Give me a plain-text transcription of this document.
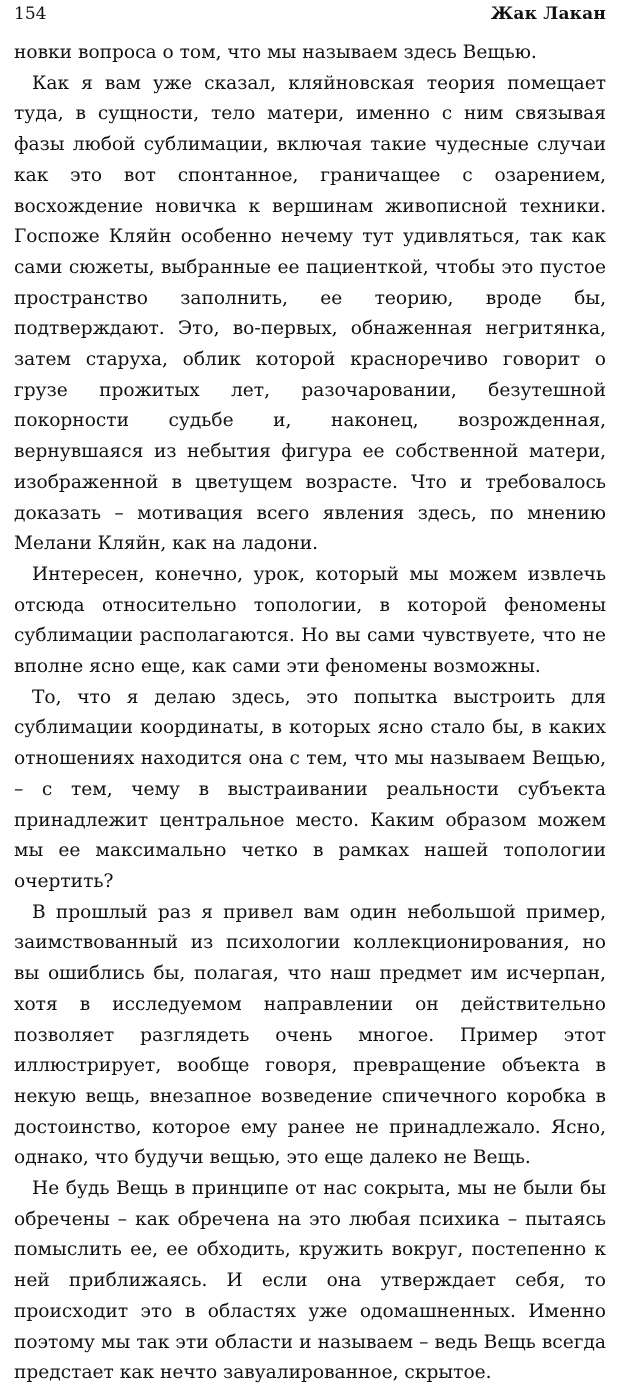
154	Жак Лакан

новки вопроса о том, что мы называем здесь Вещью.

Как я вам уже сказал, кляйновская теория помещает туда, в сущности, тело матери, именно с ним связывая фазы любой сублимации, включая такие чудесные случаи как это вот спонтанное, граничащее с озарением, восхождение новичка к вершинам живописной техники. Госпоже Кляйн особенно нечему тут удивляться, так как сами сюжеты, выбранные ее пациенткой, чтобы это пустое пространство заполнить, ее теорию, вроде бы, подтверждают. Это, во-первых, обнаженная негритянка, затем старуха, облик которой красноречиво говорит о грузе прожитых лет, разочаровании, безутешной покорности судьбе и, наконец, возрожденная, вернувшаяся из небытия фигура ее собственной матери, изображенной в цветущем возрасте. Что и требовалось доказать – мотивация всего явления здесь, по мнению Мелани Кляйн, как на ладони.

Интересен, конечно, урок, который мы можем извлечь отсюда относительно топологии, в которой феномены сублимации располагаются. Но вы сами чувствуете, что не вполне ясно еще, как сами эти феномены возможны.

То, что я делаю здесь, это попытка выстроить для сублимации координаты, в которых ясно стало бы, в каких отношениях находится она с тем, что мы называем Вещью, – с тем, чему в выстраивании реальности субъекта принадлежит центральное место. Каким образом можем мы ее максимально четко в рамках нашей топологии очертить?

В прошлый раз я привел вам один небольшой пример, заимствованный из психологии коллекционирования, но вы ошиблись бы, полагая, что наш предмет им исчерпан, хотя в исследуемом направлении он действительно позволяет разглядеть очень многое. Пример этот иллюстрирует, вообще говоря, превращение объекта в некую вещь, внезапное возведение спичечного коробка в достоинство, которое ему ранее не принадлежало. Ясно, однако, что будучи вещью, это еще далеко не Вещь.

Не будь Вещь в принципе от нас сокрыта, мы не были бы обречены – как обречена на это любая психика – пытаясь помыслить ее, ее обходить, кружить вокруг, постепенно к ней приближаясь. И если она утверждает себя, то происходит это в областях уже одомашненных. Именно поэтому мы так эти области и называем – ведь Вещь всегда предстает как нечто завуалированное, скрытое.
